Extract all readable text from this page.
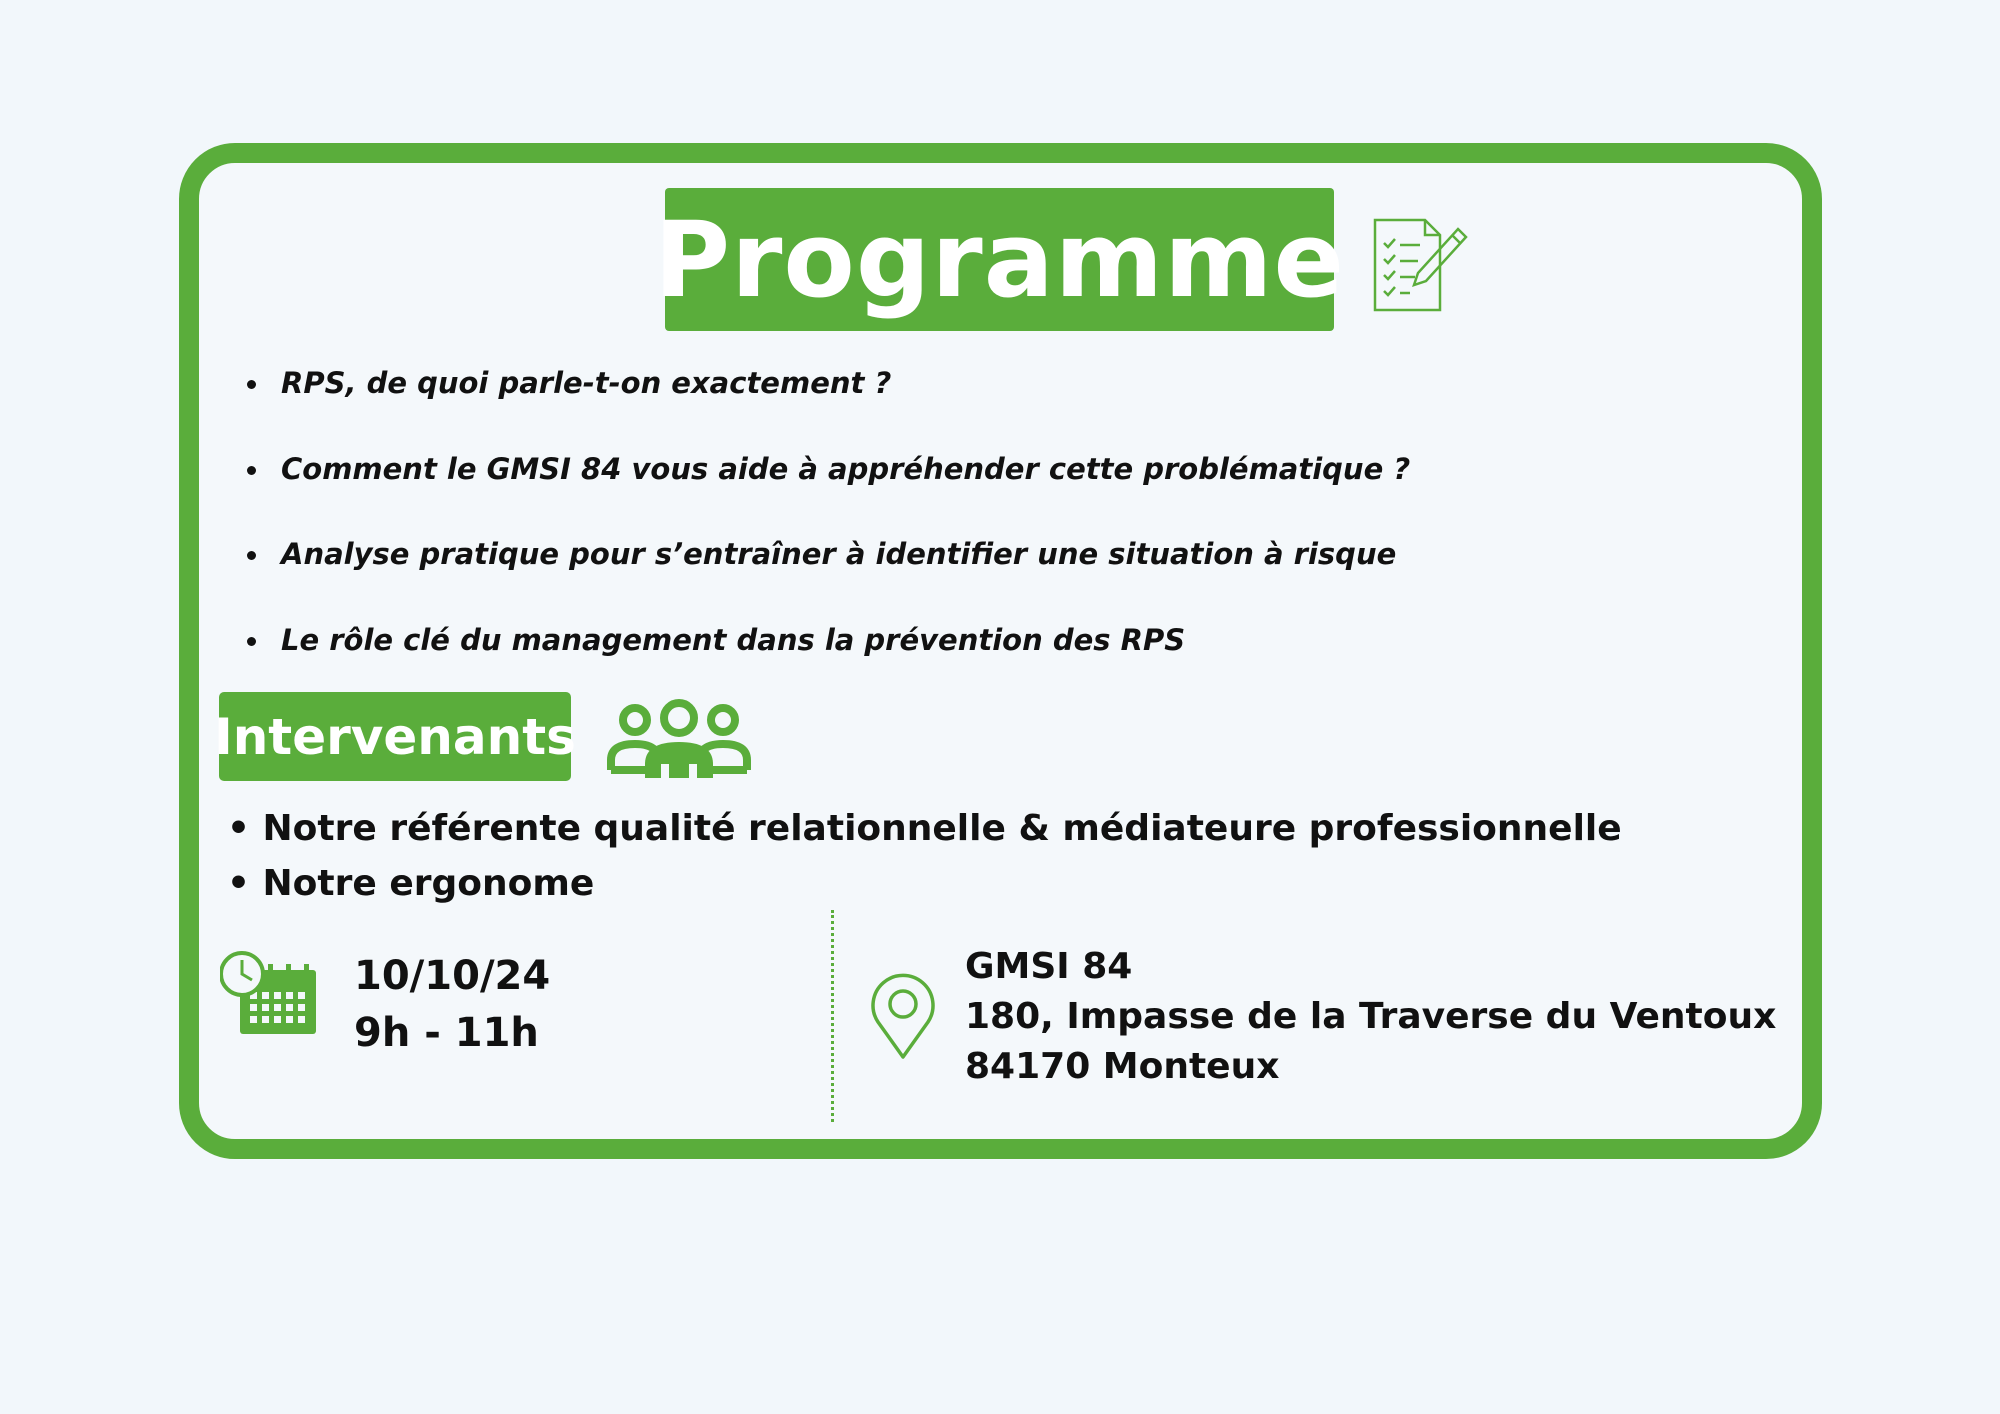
Programme
RPS, de quoi parle-t-on exactement ?
Comment le GMSI 84 vous aide à appréhender cette problématique ?
Analyse pratique pour s’entraîner à identifier une situation à risque
Le rôle clé du management dans la prévention des RPS
Intervenants
• Notre référente qualité relationnelle & médiateure professionnelle
• Notre ergonome
10/10/24
9h - 11h
GMSI 84
180, Impasse de la Traverse du Ventoux
84170 Monteux
